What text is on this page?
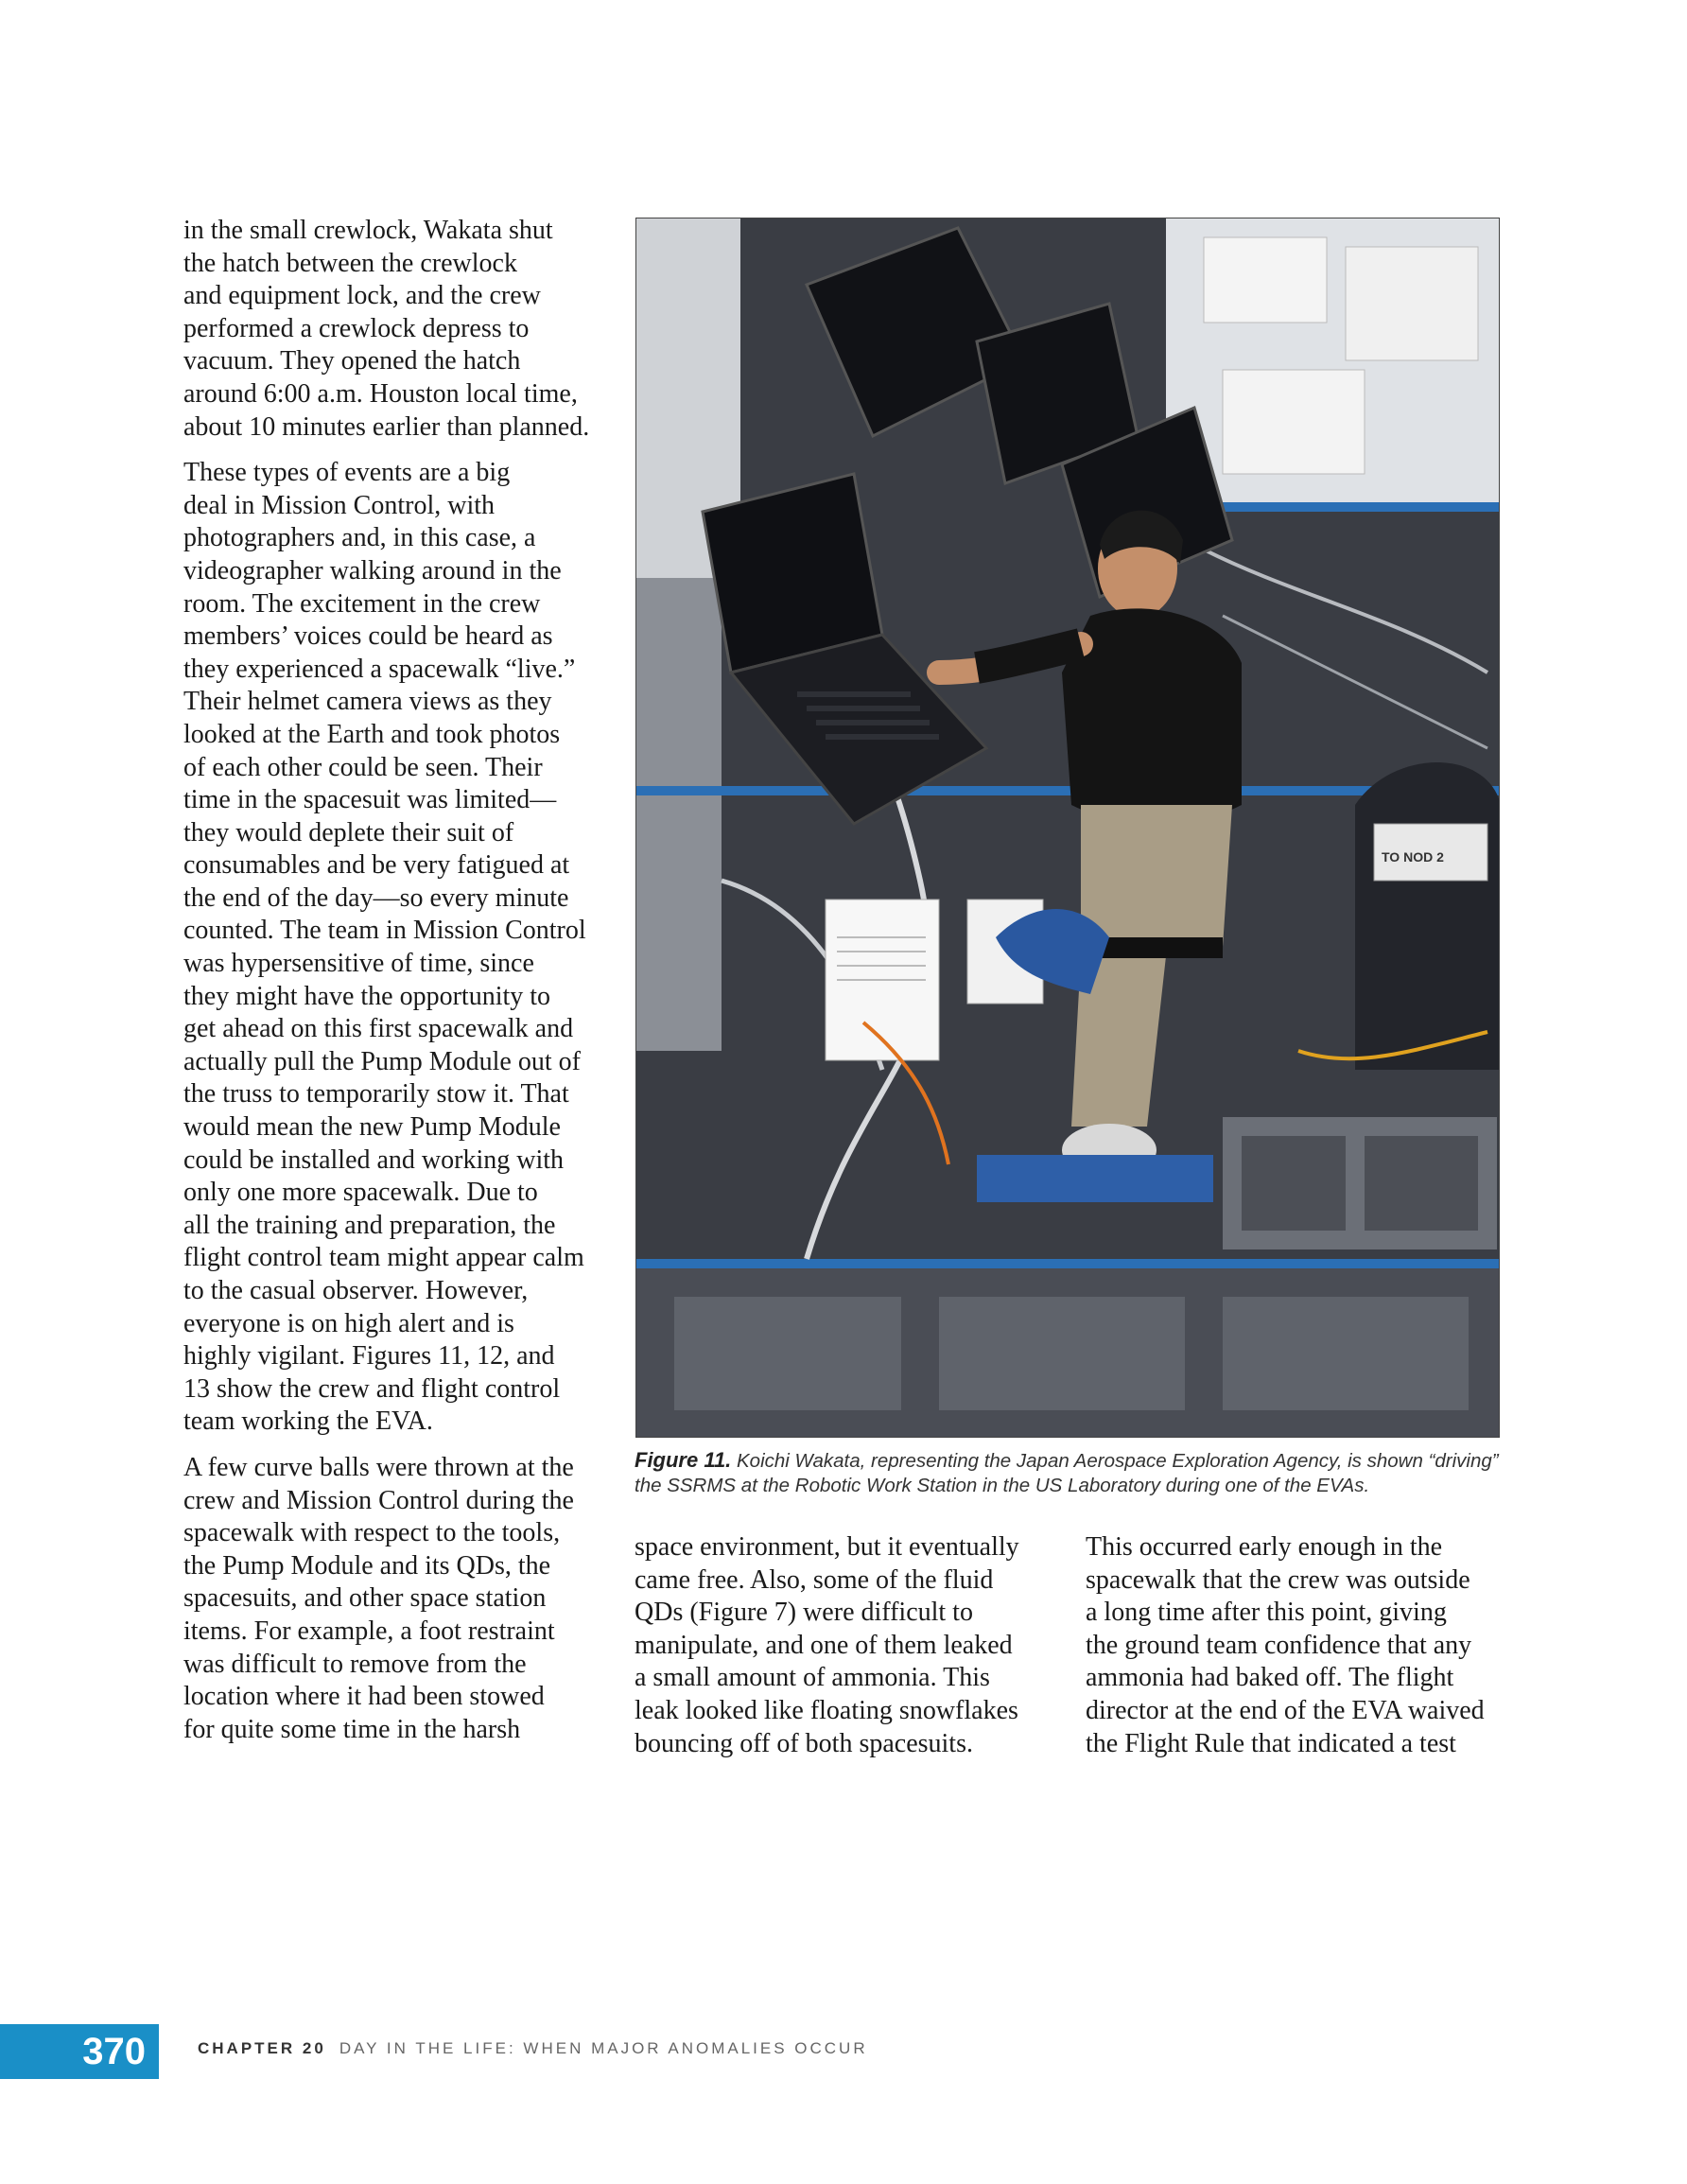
in the small crewlock, Wakata shut
the hatch between the crewlock
and equipment lock, and the crew
performed a crewlock depress to
vacuum. They opened the hatch
around 6:00 a.m. Houston local time,
about 10 minutes earlier than planned.

These types of events are a big
deal in Mission Control, with
photographers and, in this case, a
videographer walking around in the
room. The excitement in the crew
members’ voices could be heard as
they experienced a spacewalk “live.”
Their helmet camera views as they
looked at the Earth and took photos
of each other could be seen. Their
time in the spacesuit was limited—
they would deplete their suit of
consumables and be very fatigued at
the end of the day—so every minute
counted. The team in Mission Control
was hypersensitive of time, since
they might have the opportunity to
get ahead on this first spacewalk and
actually pull the Pump Module out of
the truss to temporarily stow it. That
would mean the new Pump Module
could be installed and working with
only one more spacewalk. Due to
all the training and preparation, the
flight control team might appear calm
to the casual observer. However,
everyone is on high alert and is
highly vigilant. Figures 11, 12, and
13 show the crew and flight control
team working the EVA.

A few curve balls were thrown at the
crew and Mission Control during the
spacewalk with respect to the tools,
the Pump Module and its QDs, the
spacesuits, and other space station
items. For example, a foot restraint
was difficult to remove from the
location where it had been stowed
for quite some time in the harsh

TO NOD 2
Figure 11. Koichi Wakata, representing the Japan Aerospace Exploration Agency, is shown “driving” the SSRMS at the Robotic Work Station in the US Laboratory during one of the EVAs.

space environment, but it eventually
came free. Also, some of the fluid
QDs (Figure 7) were difficult to
manipulate, and one of them leaked
a small amount of ammonia. This
leak looked like floating snowflakes
bouncing off of both spacesuits.

This occurred early enough in the
spacewalk that the crew was outside
a long time after this point, giving
the ground team confidence that any
ammonia had baked off. The flight
director at the end of the EVA waived
the Flight Rule that indicated a test

370	CHAPTER 20 DAY IN THE LIFE: WHEN MAJOR ANOMALIES OCCUR
